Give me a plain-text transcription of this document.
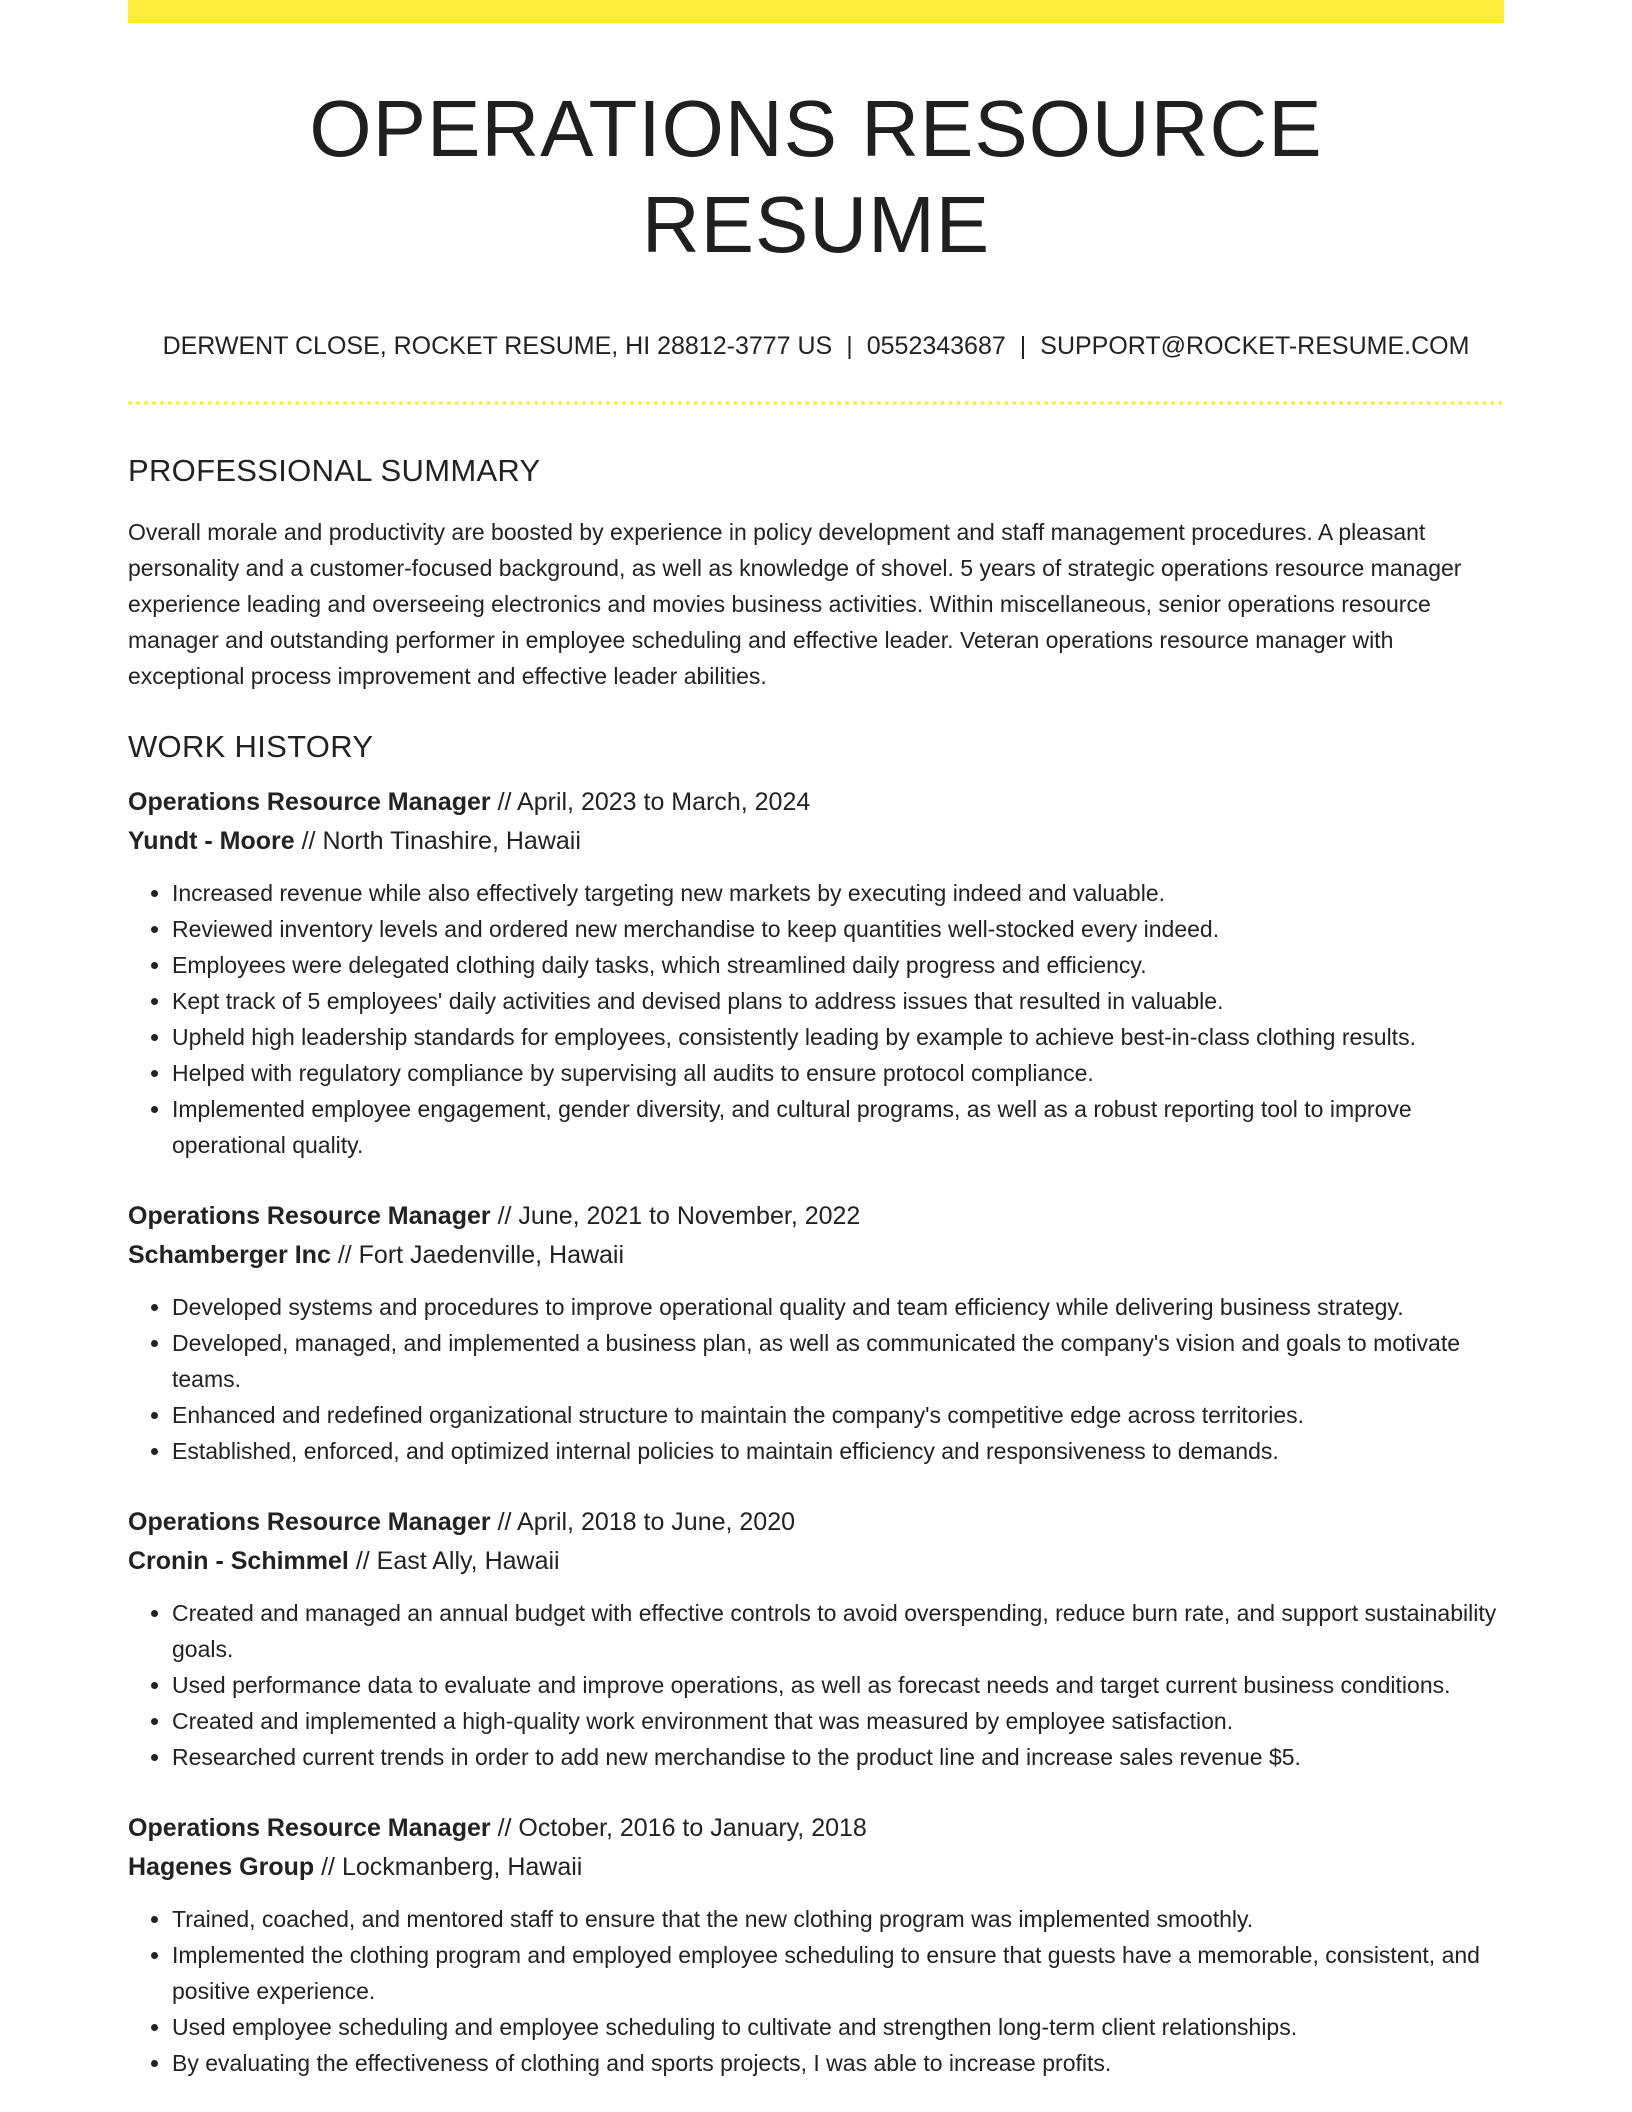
OPERATIONS RESOURCE RESUME
DERWENT CLOSE, ROCKET RESUME, HI 28812-3777 US | 0552343687 | SUPPORT@ROCKET-RESUME.COM
PROFESSIONAL SUMMARY

Overall morale and productivity are boosted by experience in policy development and staff management procedures. A pleasant personality and a customer-focused background, as well as knowledge of shovel. 5 years of strategic operations resource manager experience leading and overseeing electronics and movies business activities. Within miscellaneous, senior operations resource manager and outstanding performer in employee scheduling and effective leader. Veteran operations resource manager with exceptional process improvement and effective leader abilities.

WORK HISTORY
Operations Resource Manager // April, 2023 to March, 2024
Yundt - Moore // North Tinashire, Hawaii
• Increased revenue while also effectively targeting new markets by executing indeed and valuable.
• Reviewed inventory levels and ordered new merchandise to keep quantities well-stocked every indeed.
• Employees were delegated clothing daily tasks, which streamlined daily progress and efficiency.
• Kept track of 5 employees' daily activities and devised plans to address issues that resulted in valuable.
• Upheld high leadership standards for employees, consistently leading by example to achieve best-in-class clothing results.
• Helped with regulatory compliance by supervising all audits to ensure protocol compliance.
• Implemented employee engagement, gender diversity, and cultural programs, as well as a robust reporting tool to improve operational quality.
Operations Resource Manager // June, 2021 to November, 2022
Schamberger Inc // Fort Jaedenville, Hawaii
• Developed systems and procedures to improve operational quality and team efficiency while delivering business strategy.
• Developed, managed, and implemented a business plan, as well as communicated the company's vision and goals to motivate teams.
• Enhanced and redefined organizational structure to maintain the company's competitive edge across territories.
• Established, enforced, and optimized internal policies to maintain efficiency and responsiveness to demands.
Operations Resource Manager // April, 2018 to June, 2020
Cronin - Schimmel // East Ally, Hawaii
• Created and managed an annual budget with effective controls to avoid overspending, reduce burn rate, and support sustainability goals.
• Used performance data to evaluate and improve operations, as well as forecast needs and target current business conditions.
• Created and implemented a high-quality work environment that was measured by employee satisfaction.
• Researched current trends in order to add new merchandise to the product line and increase sales revenue $5.
Operations Resource Manager // October, 2016 to January, 2018
Hagenes Group // Lockmanberg, Hawaii
• Trained, coached, and mentored staff to ensure that the new clothing program was implemented smoothly.
• Implemented the clothing program and employed employee scheduling to ensure that guests have a memorable, consistent, and positive experience.
• Used employee scheduling and employee scheduling to cultivate and strengthen long-term client relationships.
• By evaluating the effectiveness of clothing and sports projects, I was able to increase profits.
